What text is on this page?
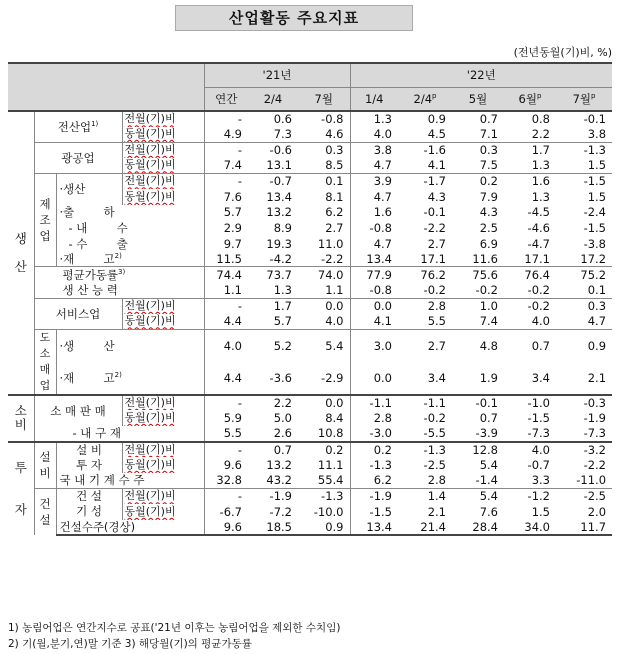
산업활동 주요지표
(전년동월(기)비, %)
				'21년			'22년				
				연간	2/4	7월	1/4	2/4$^p$	5월	6월$^p$	7월$^p$
생

산	전산업$^{1)}$		전월(기)비	-	0.6	-0.8	1.3	0.9	0.7	0.8	-0.1
			동월(기)비	4.9	7.3	4.6	4.0	4.5	7.1	2.2	3.8
	광공업		전월(기)비	-	-0.6	0.3	3.8	-1.6	0.3	1.7	-1.3
			동월(기)비	7.4	13.1	8.5	4.7	4.1	7.5	1.3	1.5
	제
조
업	·생산	전월(기)비	-	-0.7	0.1	3.9	-1.7	0.2	1.6	-1.5
			동월(기)비	7.6	13.4	8.1	4.7	4.3	7.9	1.3	1.5
		·출        하		5.7	13.2	6.2	1.6	-0.1	4.3	-4.5	-2.4
		- 내        수		2.9	8.9	2.7	-0.8	-2.2	2.5	-4.6	-1.5
		- 수        출		9.7	19.3	11.0	4.7	2.7	6.9	-4.7	-3.8
		·재        고$^{2)}$		11.5	-4.2	-2.2	13.4	17.1	11.6	17.1	17.2
	평균가동률$^{3)}$			74.4	73.7	74.0	77.9	76.2	75.6	76.4	75.2
	생 산 능 력			1.1	1.3	1.1	-0.8	-0.2	-0.2	-0.2	0.1
	서비스업		전월(기)비	-	1.7	0.0	0.0	2.8	1.0	-0.2	0.3
			동월(기)비	4.4	5.7	4.0	4.1	5.5	7.4	4.0	4.7
	도소
매업	·생        산		4.0	5.2	5.4	3.0	2.7	4.8	0.7	0.9
		·재        고$^{2)}$		4.4	-3.6	-2.9	0.0	3.4	1.9	3.4	2.1
소
비	소 매 판 매		전월(기)비	-	2.2	0.0	-1.1	-1.1	-0.1	-1.0	-0.3
			동월(기)비	5.9	5.0	8.4	2.8	-0.2	0.7	-1.5	-1.9
	- 내 구 재			5.5	2.6	10.8	-3.0	-5.5	-3.9	-7.3	-7.3
투

자	설
비	설 비
투 자	전월(기)비	-	0.7	0.2	0.2	-1.3	12.8	4.0	-3.2
			동월(기)비	9.6	13.2	11.1	-1.3	-2.5	5.4	-0.7	-2.2
		국 내 기 계 수 주		32.8	43.2	55.4	6.2	2.8	-1.4	3.3	-11.0
	건
설	건 설
기 성	전월(기)비	-	-1.9	-1.3	-1.9	1.4	5.4	-1.2	-2.5
			동월(기)비	-6.7	-7.2	-10.0	-1.5	2.1	7.6	1.5	2.0
		건설수주(경상)		9.6	18.5	0.9	13.4	21.4	28.4	34.0	11.7
1) 농림어업은 연간지수로 공표('21년 이후는 농림어업을 제외한 수치임)
2) 기(월,분기,연)말 기준 3) 해당월(기)의 평균가동률
